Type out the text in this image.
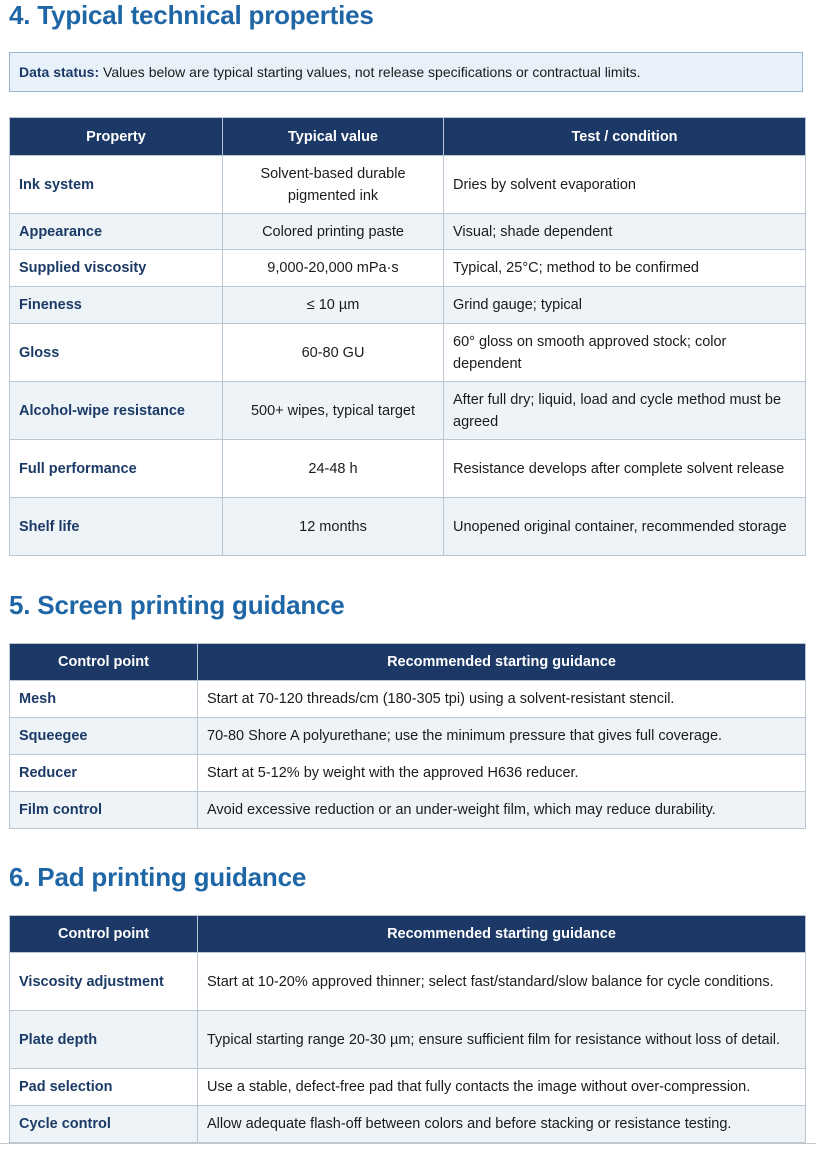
4. Typical technical properties
Data status: Values below are typical starting values, not release specifications or contractual limits.
Property	Typical value	Test / condition
Ink system	Solvent-based durable pigmented ink	Dries by solvent evaporation
Appearance	Colored printing paste	Visual; shade dependent
Supplied viscosity	9,000-20,000 mPa·s	Typical, 25°C; method to be confirmed
Fineness	≤ 10 µm	Grind gauge; typical
Gloss	60-80 GU	60° gloss on smooth approved stock; color dependent
Alcohol-wipe resistance	500+ wipes, typical target	After full dry; liquid, load and cycle method must be agreed
Full performance	24-48 h	Resistance develops after complete solvent release
Shelf life	12 months	Unopened original container, recommended storage
5. Screen printing guidance
Control point	Recommended starting guidance
Mesh	Start at 70-120 threads/cm (180-305 tpi) using a solvent-resistant stencil.
Squeegee	70-80 Shore A polyurethane; use the minimum pressure that gives full coverage.
Reducer	Start at 5-12% by weight with the approved H636 reducer.
Film control	Avoid excessive reduction or an under-weight film, which may reduce durability.
6. Pad printing guidance
Control point	Recommended starting guidance
Viscosity adjustment	Start at 10-20% approved thinner; select fast/standard/slow balance for cycle conditions.
Plate depth	Typical starting range 20-30 µm; ensure sufficient film for resistance without loss of detail.
Pad selection	Use a stable, defect-free pad that fully contacts the image without over-compression.
Cycle control	Allow adequate flash-off between colors and before stacking or resistance testing.
